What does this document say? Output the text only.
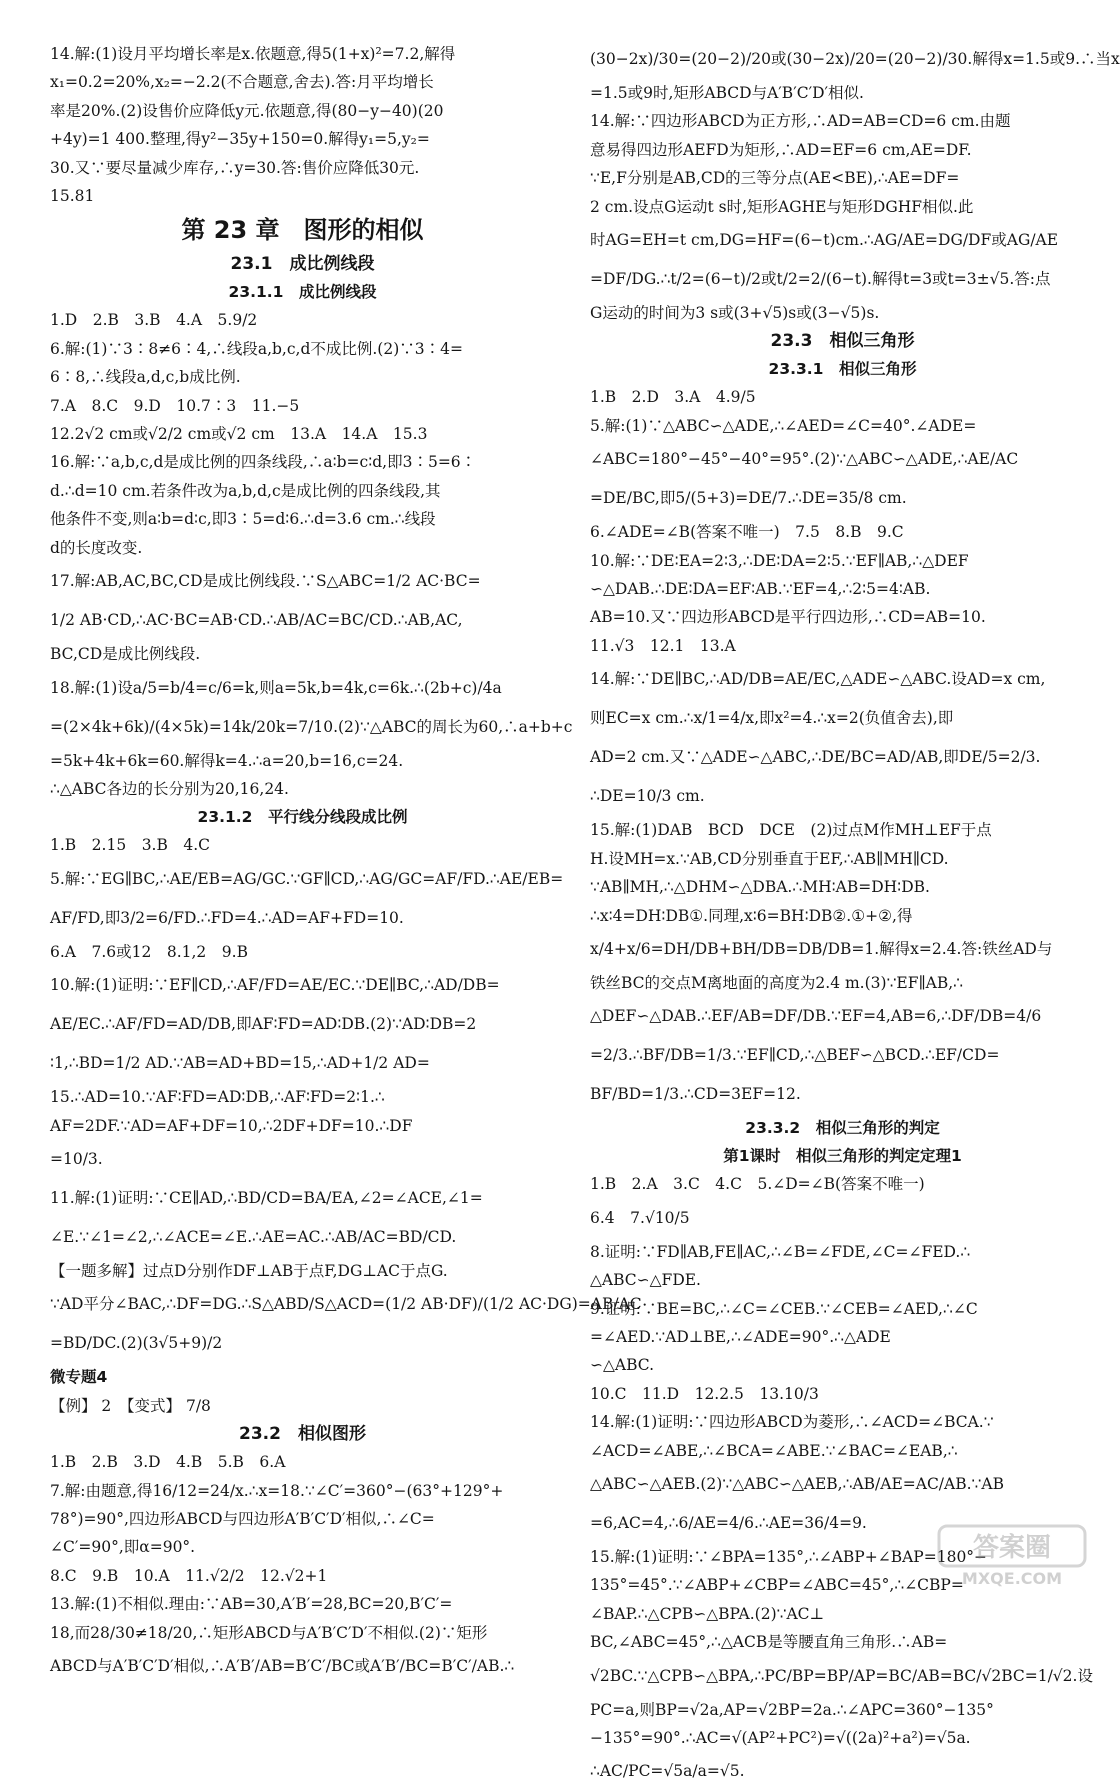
14.解:(1)设月平均增长率是x.依题意,得5(1+x)²=7.2,解得
x₁=0.2=20%,x₂=−2.2(不合题意,舍去).答:月平均增长
率是20%.(2)设售价应降低y元.依题意,得(80−y−40)(20
+4y)=1 400.整理,得y²−35y+150=0.解得y₁=5,y₂=
30.又∵要尽量减少库存,∴y=30.答:售价应降低30元.
15.81
第 23 章　图形的相似
23.1　成比例线段
23.1.1　成比例线段
1.D　2.B　3.B　4.A　5.9/2
6.解:(1)∵3∶8≠6∶4,∴线段a,b,c,d不成比例.(2)∵3∶4=
6∶8,∴线段a,d,c,b成比例.
7.A　8.C　9.D　10.7∶3　11.−5
12.2√2 cm或√2/2 cm或√2 cm　13.A　14.A　15.3
16.解:∵a,b,c,d是成比例的四条线段,∴a∶b=c∶d,即3∶5=6∶
d.∴d=10 cm.若条件改为a,b,d,c是成比例的四条线段,其
他条件不变,则a∶b=d∶c,即3∶5=d∶6.∴d=3.6 cm.∴线段
d的长度改变.
17.解:AB,AC,BC,CD是成比例线段.∵S△ABC=1/2 AC·BC=
1/2 AB·CD,∴AC·BC=AB·CD.∴AB/AC=BC/CD.∴AB,AC,
BC,CD是成比例线段.
18.解:(1)设a/5=b/4=c/6=k,则a=5k,b=4k,c=6k.∴(2b+c)/4a
=(2×4k+6k)/(4×5k)=14k/20k=7/10.(2)∵△ABC的周长为60,∴a+b+c
=5k+4k+6k=60.解得k=4.∴a=20,b=16,c=24.
∴△ABC各边的长分别为20,16,24.
23.1.2　平行线分线段成比例
1.B　2.15　3.B　4.C
5.解:∵EG∥BC,∴AE/EB=AG/GC.∵GF∥CD,∴AG/GC=AF/FD.∴AE/EB=
AF/FD,即3/2=6/FD.∴FD=4.∴AD=AF+FD=10.
6.A　7.6或12　8.1,2　9.B
10.解:(1)证明:∵EF∥CD,∴AF/FD=AE/EC.∵DE∥BC,∴AD/DB=
AE/EC.∴AF/FD=AD/DB,即AF∶FD=AD∶DB.(2)∵AD∶DB=2
∶1,∴BD=1/2 AD.∵AB=AD+BD=15,∴AD+1/2 AD=
15.∴AD=10.∵AF∶FD=AD∶DB,∴AF∶FD=2∶1.∴
AF=2DF.∵AD=AF+DF=10,∴2DF+DF=10.∴DF
=10/3.
11.解:(1)证明:∵CE∥AD,∴BD/CD=BA/EA,∠2=∠ACE,∠1=
∠E.∵∠1=∠2,∴∠ACE=∠E.∴AE=AC.∴AB/AC=BD/CD.
【一题多解】过点D分别作DF⊥AB于点F,DG⊥AC于点G.
∵AD平分∠BAC,∴DF=DG.∴S△ABD/S△ACD=(1/2 AB·DF)/(1/2 AC·DG)=AB/AC
=BD/DC.(2)(3√5+9)/2
微专题4
【例】 2　【变式】 7/8
23.2　相似图形
1.B　2.B　3.D　4.B　5.B　6.A
7.解:由题意,得16/12=24/x.∴x=18.∵∠C′=360°−(63°+129°+
78°)=90°,四边形ABCD与四边形A′B′C′D′相似,∴∠C=
∠C′=90°,即α=90°.
8.C　9.B　10.A　11.√2/2　12.√2+1
13.解:(1)不相似.理由:∵AB=30,A′B′=28,BC=20,B′C′=
18,而28/30≠18/20,∴矩形ABCD与A′B′C′D′不相似.(2)∵矩形
ABCD与A′B′C′D′相似,∴A′B′/AB=B′C′/BC或A′B′/BC=B′C′/AB.∴
(30−2x)/30=(20−2)/20或(30−2x)/20=(20−2)/30.解得x=1.5或9.∴当x
=1.5或9时,矩形ABCD与A′B′C′D′相似.
14.解:∵四边形ABCD为正方形,∴AD=AB=CD=6 cm.由题
意易得四边形AEFD为矩形,∴AD=EF=6 cm,AE=DF.
∵E,F分别是AB,CD的三等分点(AE<BE),∴AE=DF=
2 cm.设点G运动t s时,矩形AGHE与矩形DGHF相似.此
时AG=EH=t cm,DG=HF=(6−t)cm.∴AG/AE=DG/DF或AG/AE
=DF/DG.∴t/2=(6−t)/2或t/2=2/(6−t).解得t=3或t=3±√5.答:点
G运动的时间为3 s或(3+√5)s或(3−√5)s.
23.3　相似三角形
23.3.1　相似三角形
1.B　2.D　3.A　4.9/5
5.解:(1)∵△ABC∽△ADE,∴∠AED=∠C=40°.∠ADE=
∠ABC=180°−45°−40°=95°.(2)∵△ABC∽△ADE,∴AE/AC
=DE/BC,即5/(5+3)=DE/7.∴DE=35/8 cm.
6.∠ADE=∠B(答案不唯一)　7.5　8.B　9.C
10.解:∵DE∶EA=2∶3,∴DE∶DA=2∶5.∵EF∥AB,∴△DEF
∽△DAB.∴DE∶DA=EF∶AB.∵EF=4,∴2∶5=4∶AB.
AB=10.又∵四边形ABCD是平行四边形,∴CD=AB=10.
11.√3　12.1　13.A
14.解:∵DE∥BC,∴AD/DB=AE/EC,△ADE∽△ABC.设AD=x cm,
则EC=x cm.∴x/1=4/x,即x²=4.∴x=2(负值舍去),即
AD=2 cm.又∵△ADE∽△ABC,∴DE/BC=AD/AB,即DE/5=2/3.
∴DE=10/3 cm.
15.解:(1)DAB　BCD　DCE　(2)过点M作MH⊥EF于点
H.设MH=x.∵AB,CD分别垂直于EF,∴AB∥MH∥CD.
∵AB∥MH,∴△DHM∽△DBA.∴MH∶AB=DH∶DB.
∴x∶4=DH∶DB①.同理,x∶6=BH∶DB②.①+②,得
x/4+x/6=DH/DB+BH/DB=DB/DB=1.解得x=2.4.答:铁丝AD与
铁丝BC的交点M离地面的高度为2.4 m.(3)∵EF∥AB,∴
△DEF∽△DAB.∴EF/AB=DF/DB.∵EF=4,AB=6,∴DF/DB=4/6
=2/3.∴BF/DB=1/3.∵EF∥CD,∴△BEF∽△BCD.∴EF/CD=
BF/BD=1/3.∴CD=3EF=12.
23.3.2　相似三角形的判定
第1课时　相似三角形的判定定理1
1.B　2.A　3.C　4.C　5.∠D=∠B(答案不唯一)
6.4　7.√10/5
8.证明:∵FD∥AB,FE∥AC,∴∠B=∠FDE,∠C=∠FED.∴
△ABC∽△FDE.
9.证明:∵BE=BC,∴∠C=∠CEB.∵∠CEB=∠AED,∴∠C
=∠AED.∵AD⊥BE,∴∠ADE=90°.∴△ADE
∽△ABC.
10.C　11.D　12.2.5　13.10/3
14.解:(1)证明:∵四边形ABCD为菱形,∴∠ACD=∠BCA.∵
∠ACD=∠ABE,∴∠BCA=∠ABE.∵∠BAC=∠EAB,∴
△ABC∽△AEB.(2)∵△ABC∽△AEB,∴AB/AE=AC/AB.∵AB
=6,AC=4,∴6/AE=4/6.∴AE=36/4=9.
15.解:(1)证明:∵∠BPA=135°,∴∠ABP+∠BAP=180°−
135°=45°.∵∠ABP+∠CBP=∠ABC=45°,∴∠CBP=
∠BAP.∴△CPB∽△BPA.(2)∵AC⊥
BC,∠ABC=45°,∴△ACB是等腰直角三角形.∴AB=
√2BC.∵△CPB∽△BPA,∴PC/BP=BP/AP=BC/AB=BC/√2BC=1/√2.设
PC=a,则BP=√2a,AP=√2BP=2a.∴∠APC=360°−135°
−135°=90°.∴AC=√(AP²+PC²)=√((2a)²+a²)=√5a.
∴AC/PC=√5a/a=√5.
答案圈
MXQE.COM
